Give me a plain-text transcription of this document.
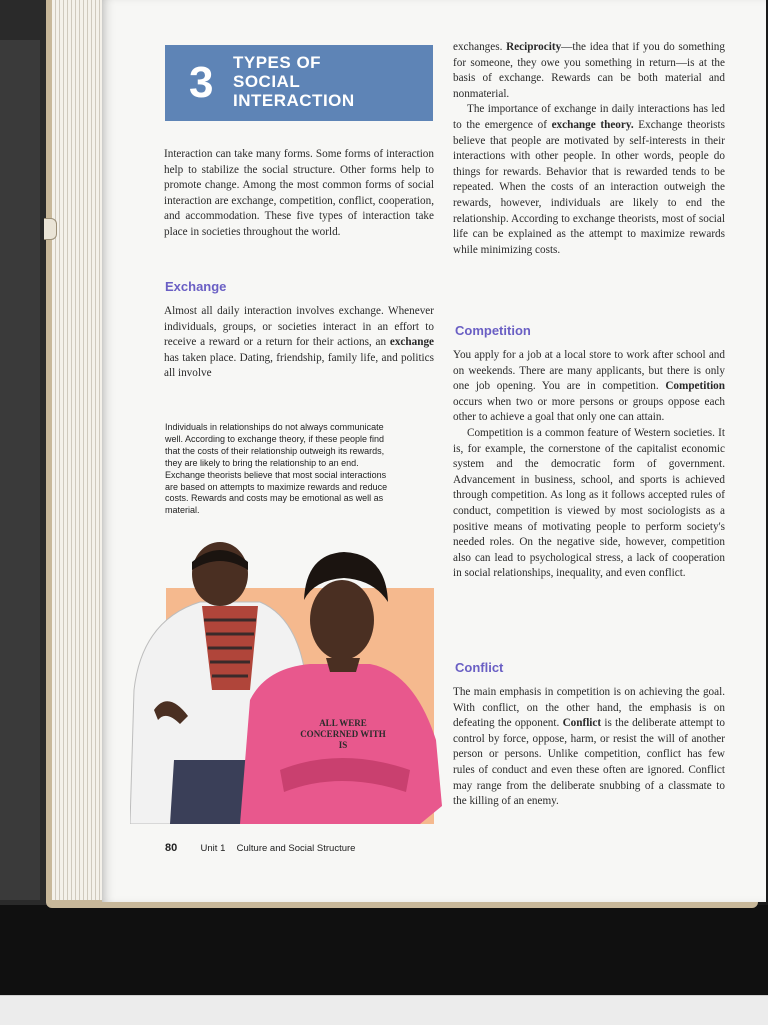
3 TYPES OF
SOCIAL
INTERACTION

Interaction can take many forms. Some forms of interaction help to stabilize the social structure. Other forms help to promote change. Among the most common forms of social interaction are exchange, competition, conflict, cooperation, and accommodation. These five types of interaction take place in societies throughout the world.

Exchange

Almost all daily interaction involves exchange. Whenever individuals, groups, or societies interact in an effort to receive a reward or a return for their actions, an exchange has taken place. Dating, friendship, family life, and politics all involve

Individuals in relationships do not always communicate well. According to exchange theory, if these people find that the costs of their relationship outweigh its rewards, they are likely to bring the relationship to an end. Exchange theorists believe that most social interactions are based on attempts to maximize rewards and reduce costs. Rewards and costs may be emotional as well as material.
ALL WERE
CONCERNED WITH
IS
80 Unit 1 Culture and Social Structure

exchanges. Reciprocity—the idea that if you do something for someone, they owe you something in return—is at the basis of exchange. Rewards can be both material and nonmaterial.

The importance of exchange in daily interactions has led to the emergence of exchange theory. Exchange theorists believe that people are motivated by self-interests in their interactions with other people. In other words, people do things for rewards. Behavior that is rewarded tends to be repeated. When the costs of an interaction outweigh the rewards, however, individuals are likely to end the relationship. According to exchange theorists, most of social life can be explained as the attempt to maximize rewards while minimizing costs.

Competition

You apply for a job at a local store to work after school and on weekends. There are many applicants, but there is only one job opening. You are in competition. Competition occurs when two or more persons or groups oppose each other to achieve a goal that only one can attain.

Competition is a common feature of Western societies. It is, for example, the cornerstone of the capitalist economic system and the democratic form of government. Advancement in business, school, and sports is achieved through competition. As long as it follows accepted rules of conduct, competition is viewed by most sociologists as a positive means of motivating people to perform society's needed roles. On the negative side, however, competition also can lead to psychological stress, a lack of cooperation in social relationships, inequality, and even conflict.

Conflict

The main emphasis in competition is on achieving the goal. With conflict, on the other hand, the emphasis is on defeating the opponent. Conflict is the deliberate attempt to control by force, oppose, harm, or resist the will of another person or persons. Unlike competition, conflict has few rules of conduct and even these often are ignored. Conflict may range from the deliberate snubbing of a classmate to the killing of an enemy.
